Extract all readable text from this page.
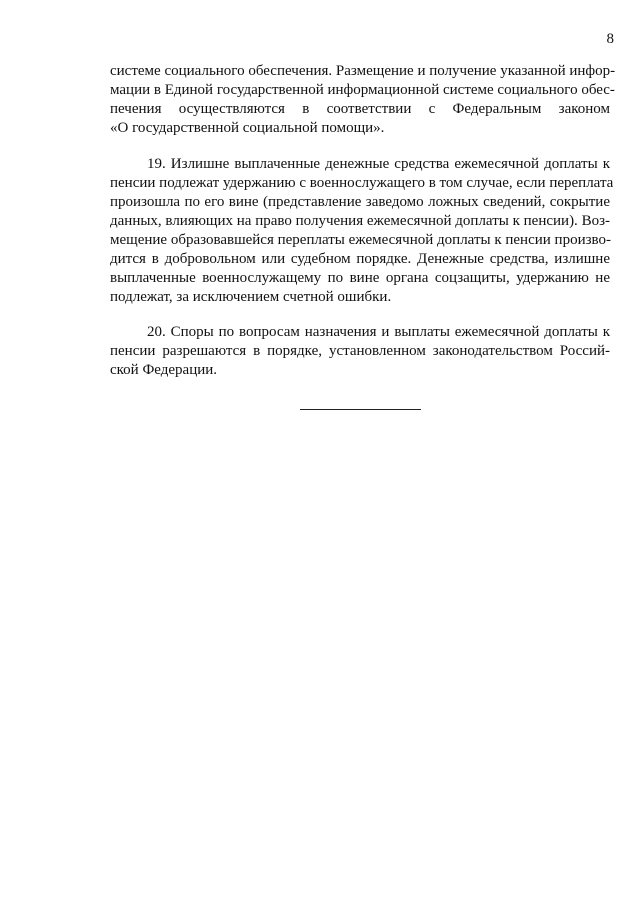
8
системе социального обеспечения. Размещение и получение указанной инфор-
мации в Единой государственной информационной системе социального обес-
печения осуществляются в соответствии с Федеральным законом
«О государственной социальной помощи».
19. Излишне выплаченные денежные средства ежемесячной доплаты к
пенсии подлежат удержанию с военнослужащего в том случае, если переплата
произошла по его вине (представление заведомо ложных сведений, сокрытие
данных, влияющих на право получения ежемесячной доплаты к пенсии). Воз-
мещение образовавшейся переплаты ежемесячной доплаты к пенсии произво-
дится в добровольном или судебном порядке. Денежные средства, излишне
выплаченные военнослужащему по вине органа соцзащиты, удержанию не
подлежат, за исключением счетной ошибки.
20. Споры по вопросам назначения и выплаты ежемесячной доплаты к
пенсии разрешаются в порядке, установленном законодательством Россий-
ской Федерации.
